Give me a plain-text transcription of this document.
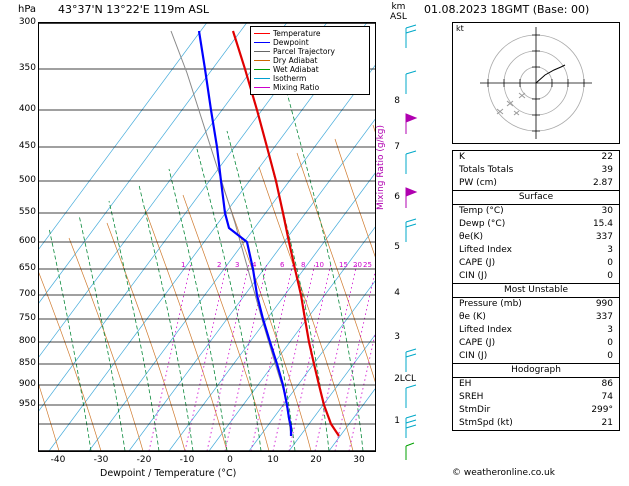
hPa 43°37'N 13°22'E 119m ASL	km
ASL
01.08.2023 18GMT (Base: 00)
300
350
400
450
500
550
600
650
700
750
800
850
900
950
1	2 3 4	6 8 10 15 20 25
Temperature
Dewpoint
Parcel Trajectory
Dry Adiabat
Wet Adiabat
Isotherm
Mixing Ratio
Mixing Ratio (g/kg)
8
7
6
5
4
3
2
1
LCL
-40	-30	-20	-10	0	10	20	30
Dewpoint / Temperature (°C)
kt
K	22
Totals Totals	39
PW (cm)	2.87
Surface
Temp (°C)	30
Dewp (°C)	15.4
θe(K)	337
Lifted Index	3
CAPE (J)	0
CIN (J)	0
Most Unstable
Pressure (mb)	990
θe (K)	337
Lifted Index	3
CAPE (J)	0
CIN (J)	0
Hodograph
EH	86
SREH	74
StmDir	299°
StmSpd (kt)	21
© weatheronline.co.uk
